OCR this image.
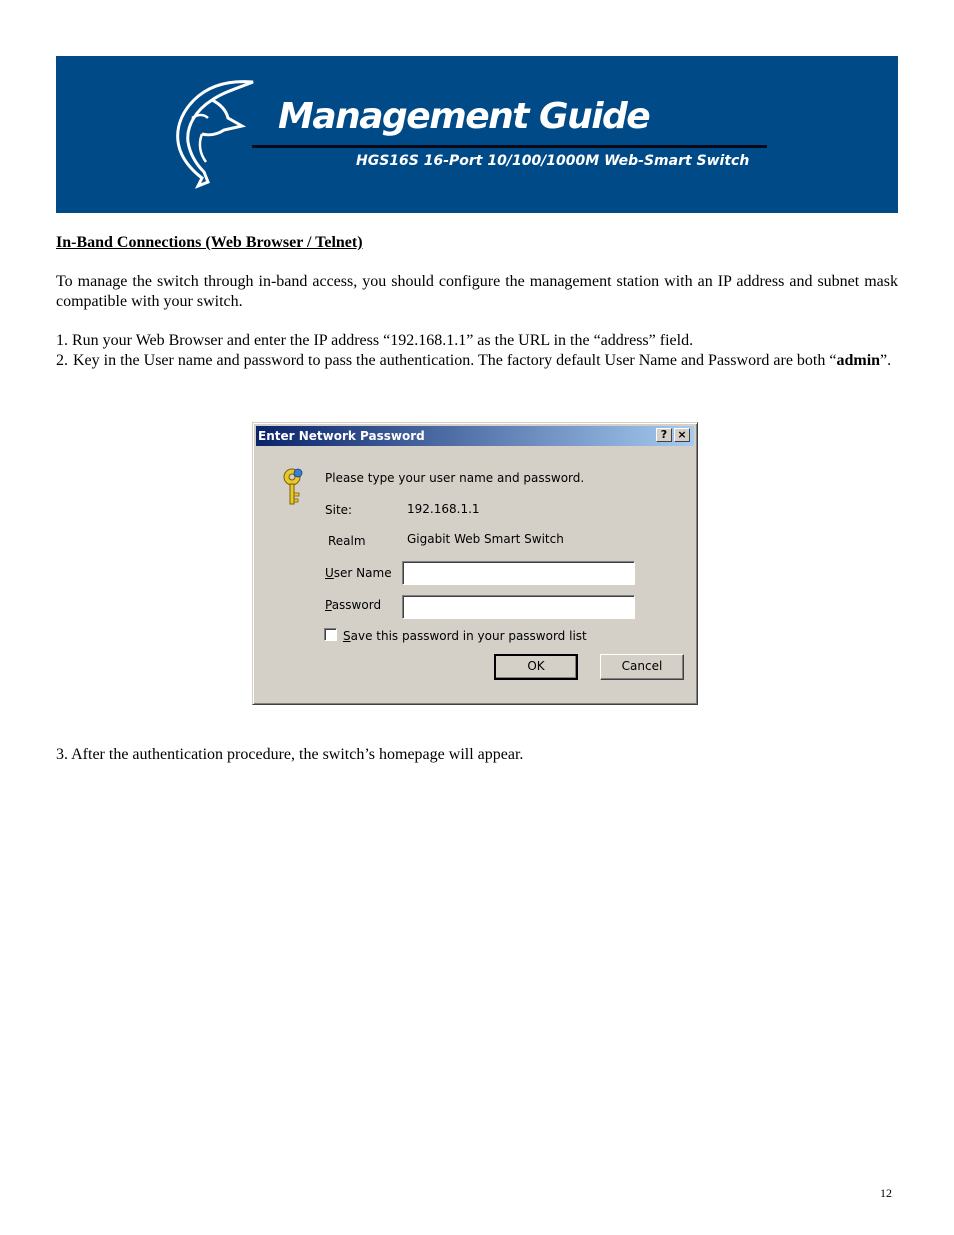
Management Guide
HGS16S 16-Port 10/100/1000M Web-Smart Switch
In-Band Connections (Web Browser / Telnet)
To manage the switch through in-band access, you should configure the management station with an IP address and subnet mask compatible with your switch.
1. Run your Web Browser and enter the IP address “192.168.1.1” as the URL in the “address” field.
2. Key in the User name and password to pass the authentication. The factory default User Name and Password are both “admin”.
Enter Network Password	? ×
Please type your user name and password.
Site:	192.168.1.1
Realm	Gigabit Web Smart Switch
User Name
Password
Save this password in your password list
OK	Cancel
3. After the authentication procedure, the switch’s homepage will appear.
12
